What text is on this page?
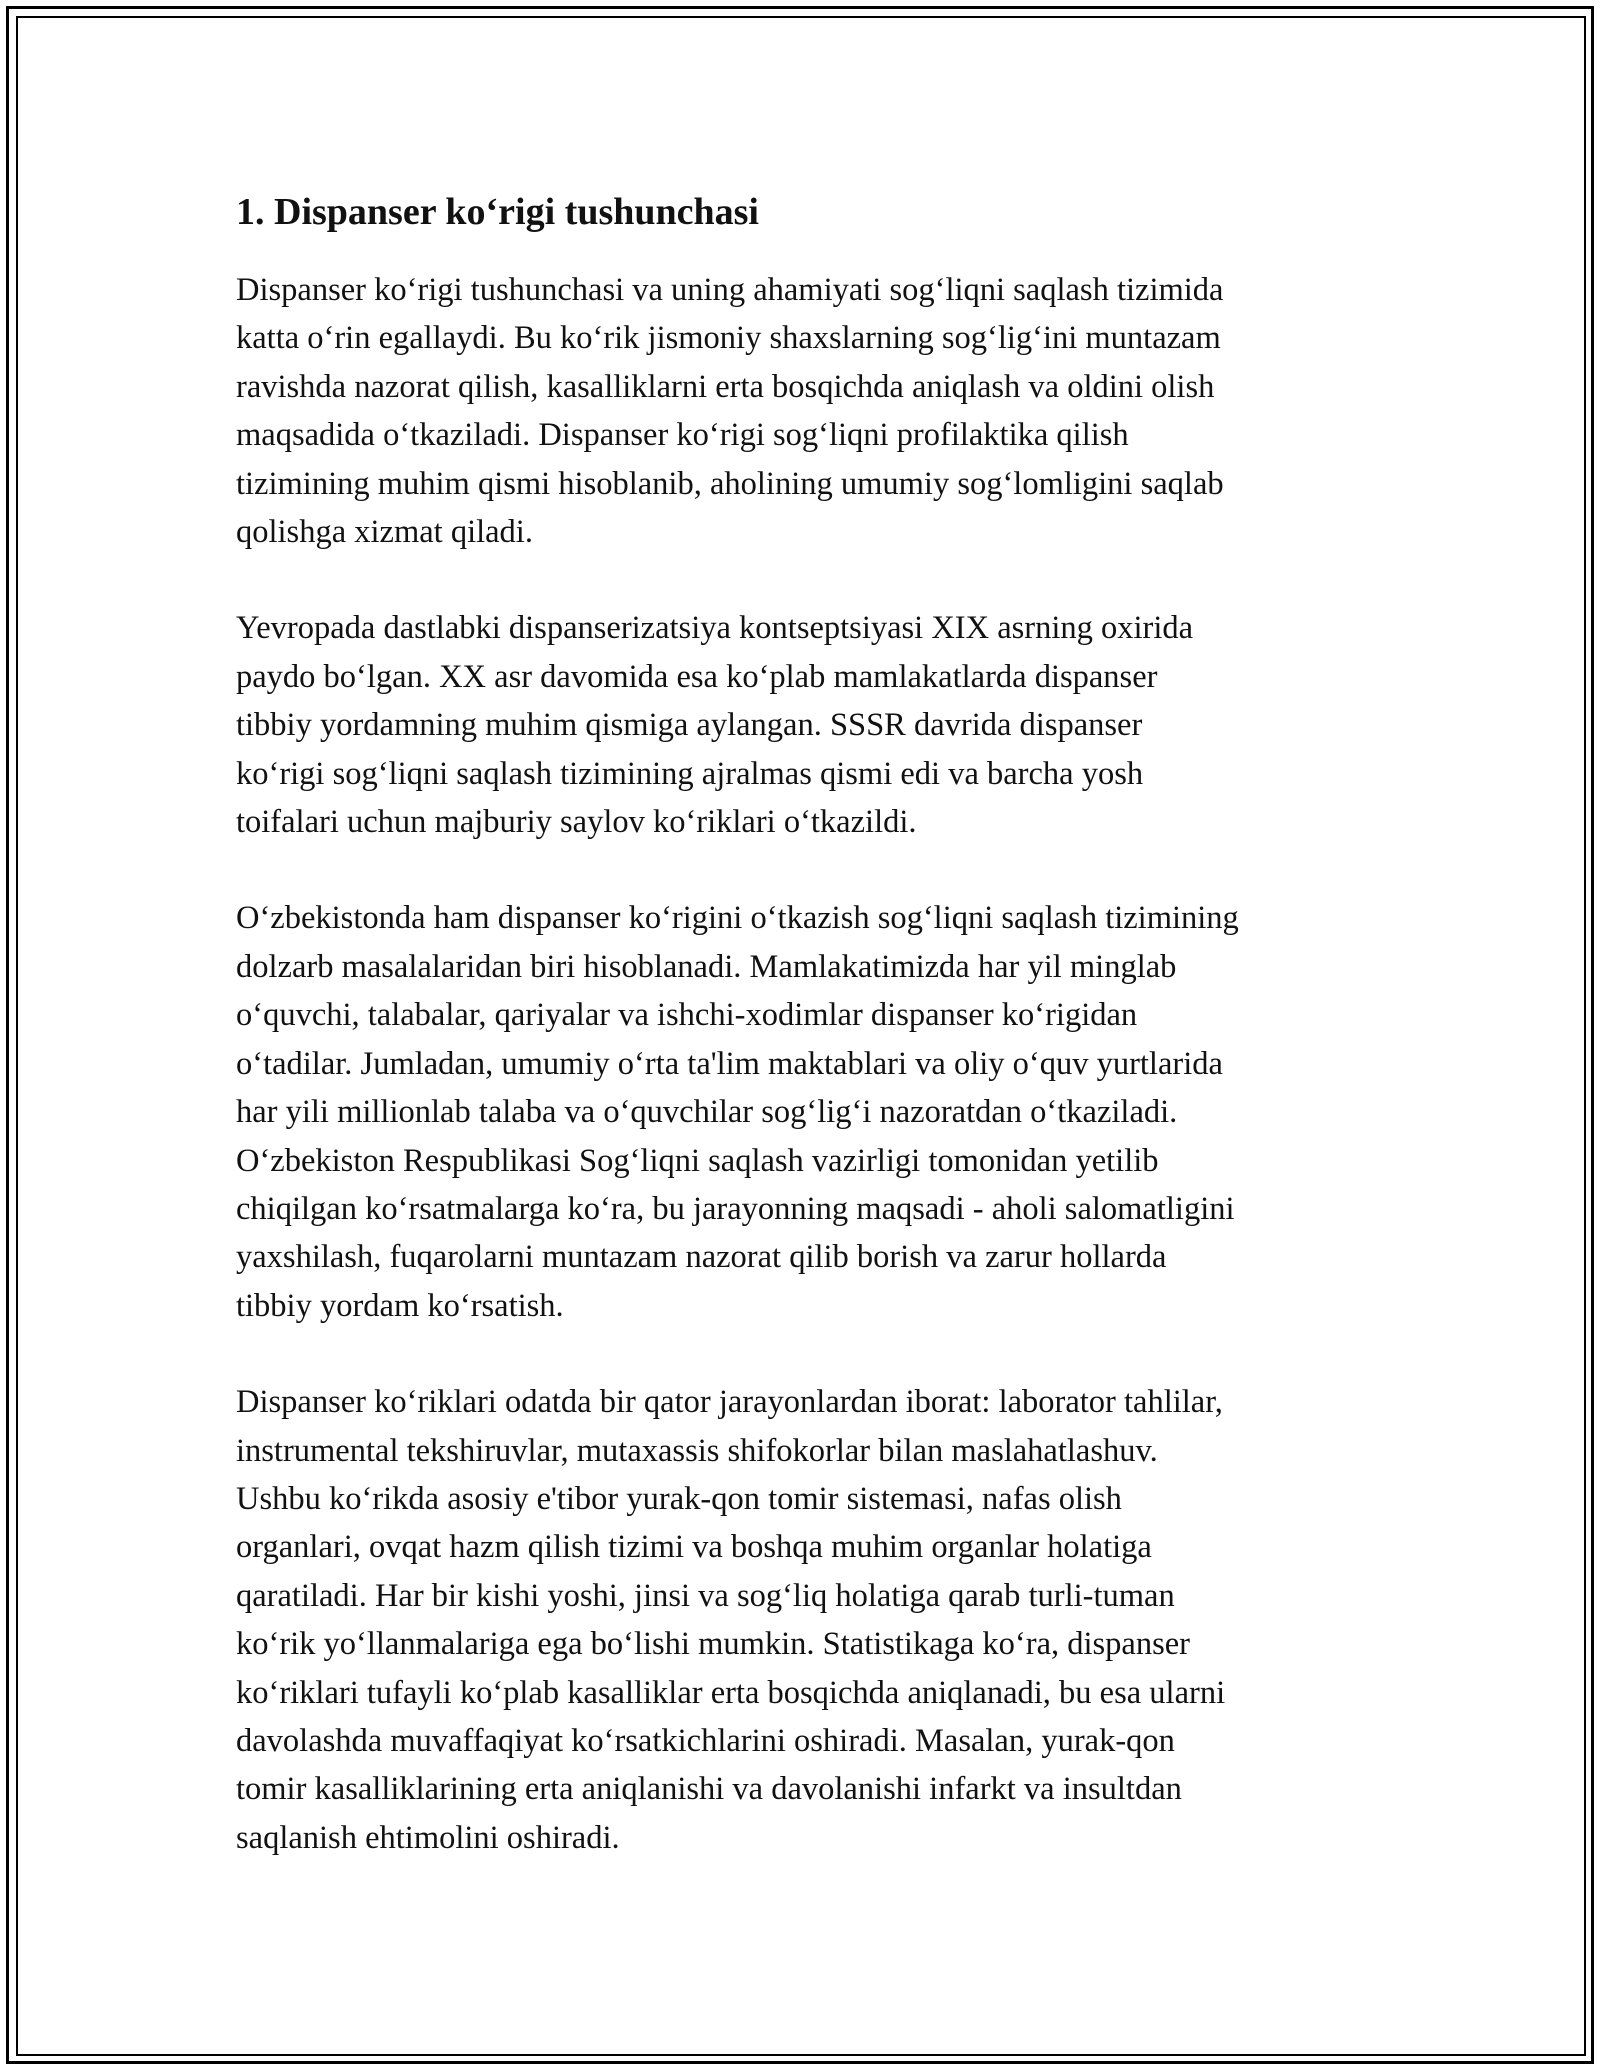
1. Dispanser ko‘rigi tushunchasi

Dispanser ko‘rigi tushunchasi va uning ahamiyati sog‘liqni saqlash tizimida
katta o‘rin egallaydi. Bu ko‘rik jismoniy shaxslarning sog‘lig‘ini muntazam
ravishda nazorat qilish, kasalliklarni erta bosqichda aniqlash va oldini olish
maqsadida o‘tkaziladi. Dispanser ko‘rigi sog‘liqni profilaktika qilish
tizimining muhim qismi hisoblanib, aholining umumiy sog‘lomligini saqlab
qolishga xizmat qiladi.

Yevropada dastlabki dispanserizatsiya kontseptsiyasi XIX asrning oxirida
paydo bo‘lgan. XX asr davomida esa ko‘plab mamlakatlarda dispanser
tibbiy yordamning muhim qismiga aylangan. SSSR davrida dispanser
ko‘rigi sog‘liqni saqlash tizimining ajralmas qismi edi va barcha yosh
toifalari uchun majburiy saylov ko‘riklari o‘tkazildi.

O‘zbekistonda ham dispanser ko‘rigini o‘tkazish sog‘liqni saqlash tizimining
dolzarb masalalaridan biri hisoblanadi. Mamlakatimizda har yil minglab
o‘quvchi, talabalar, qariyalar va ishchi-xodimlar dispanser ko‘rigidan
o‘tadilar. Jumladan, umumiy o‘rta ta'lim maktablari va oliy o‘quv yurtlarida
har yili millionlab talaba va o‘quvchilar sog‘lig‘i nazoratdan o‘tkaziladi.
O‘zbekiston Respublikasi Sog‘liqni saqlash vazirligi tomonidan yetilib
chiqilgan ko‘rsatmalarga ko‘ra, bu jarayonning maqsadi - aholi salomatligini
yaxshilash, fuqarolarni muntazam nazorat qilib borish va zarur hollarda
tibbiy yordam ko‘rsatish.

Dispanser ko‘riklari odatda bir qator jarayonlardan iborat: laborator tahlilar,
instrumental tekshiruvlar, mutaxassis shifokorlar bilan maslahatlashuv.
Ushbu ko‘rikda asosiy e'tibor yurak-qon tomir sistemasi, nafas olish
organlari, ovqat hazm qilish tizimi va boshqa muhim organlar holatiga
qaratiladi. Har bir kishi yoshi, jinsi va sog‘liq holatiga qarab turli-tuman
ko‘rik yo‘llanmalariga ega bo‘lishi mumkin. Statistikaga ko‘ra, dispanser
ko‘riklari tufayli ko‘plab kasalliklar erta bosqichda aniqlanadi, bu esa ularni
davolashda muvaffaqiyat ko‘rsatkichlarini oshiradi. Masalan, yurak-qon
tomir kasalliklarining erta aniqlanishi va davolanishi infarkt va insultdan
saqlanish ehtimolini oshiradi.
